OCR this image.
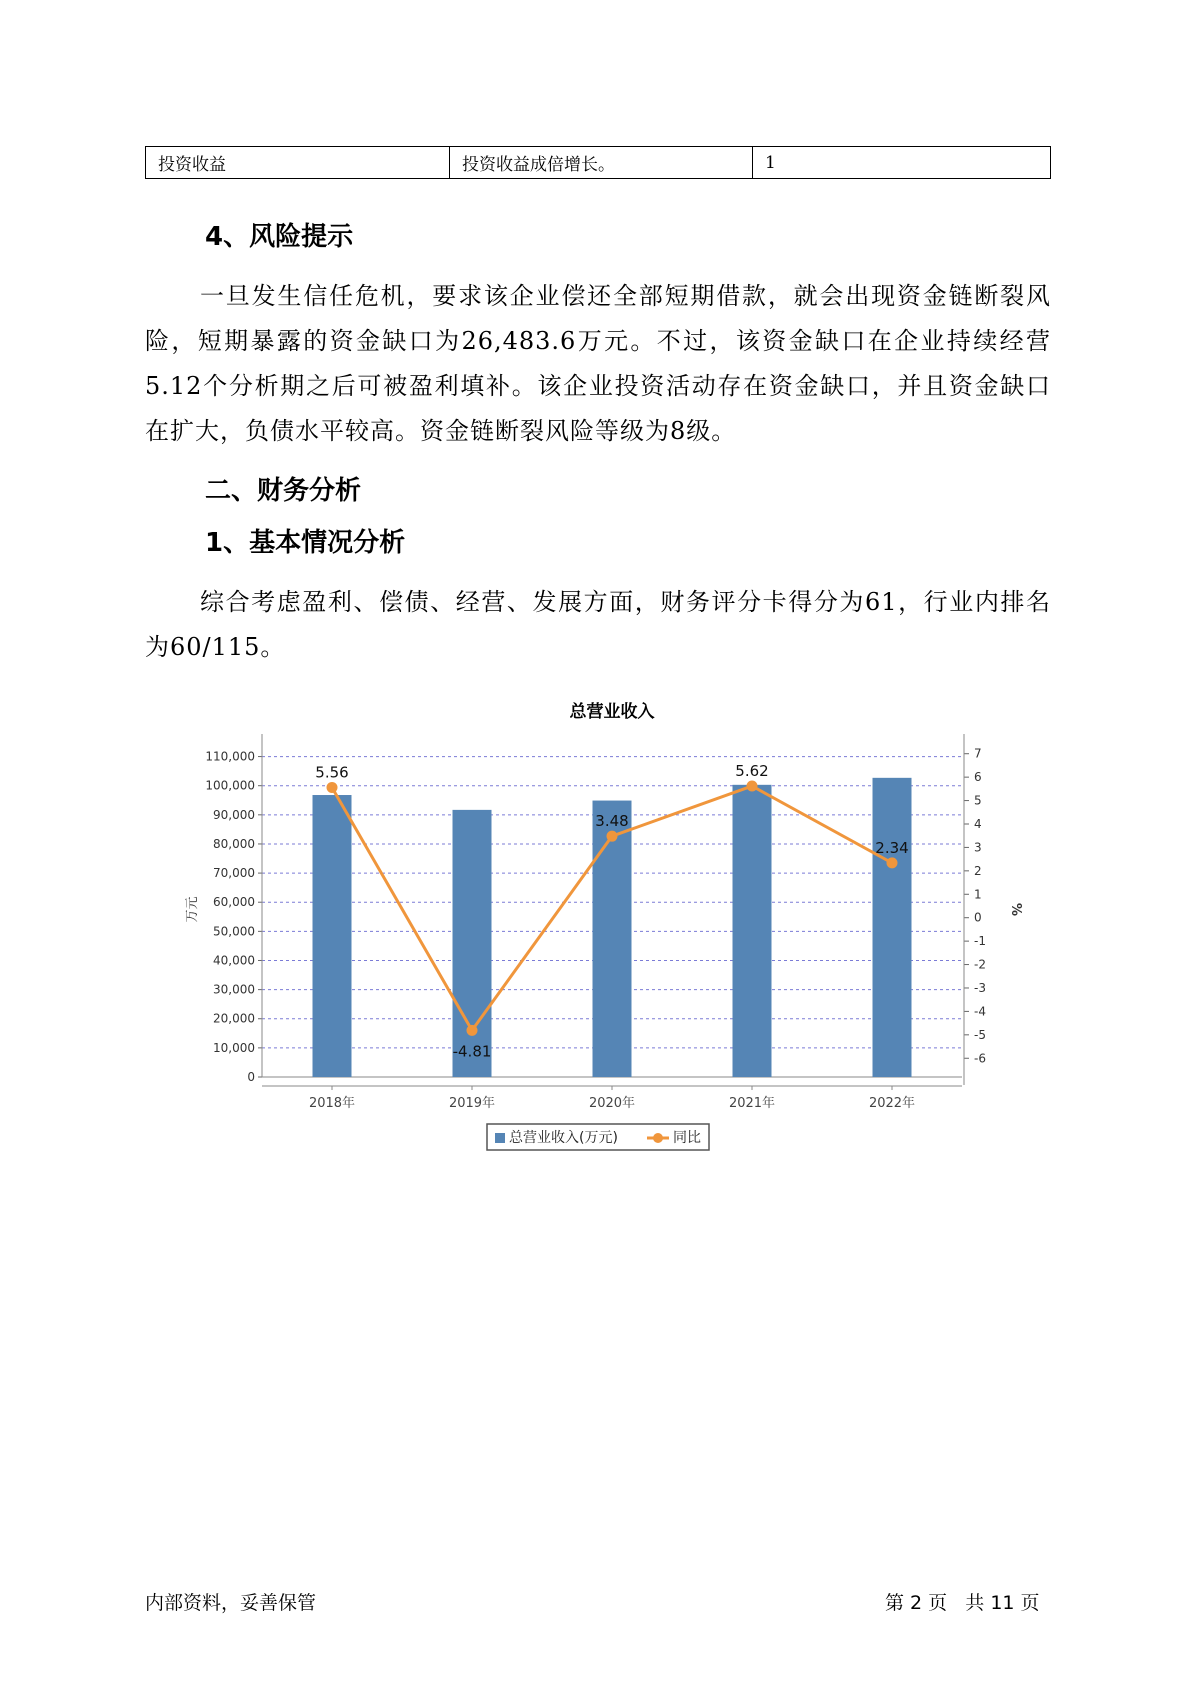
投资收益	投资收益成倍增长。	1
4、风险提示

一旦发生信任危机，要求该企业偿还全部短期借款，就会出现资金链断裂风险，短期暴露的资金缺口为26,483.6万元。不过，该资金缺口在企业持续经营 5.12个分析期之后可被盈利填补。该企业投资活动存在资金缺口，并且资金缺口在扩大，负债水平较高。资金链断裂风险等级为8级。

二、财务分析
1、基本情况分析

综合考虑盈利、偿债、经营、发展方面，财务评分卡得分为61，行业内排名为60/115。

总营业收入
0
10,000
20,000
30,000
40,000
50,000
60,000
70,000
80,000
90,000
100,000
110,000
-6
-5
-4
-3
-2
-1
0
1
2
3
4
5
6
7
万元	%
2018年	2019年	2020年	2021年	2022年
5.56
-4.81
3.48
5.62
2.34
总营业收入(万元)	同比
内部资料，妥善保管	第 2 页   共 11 页
